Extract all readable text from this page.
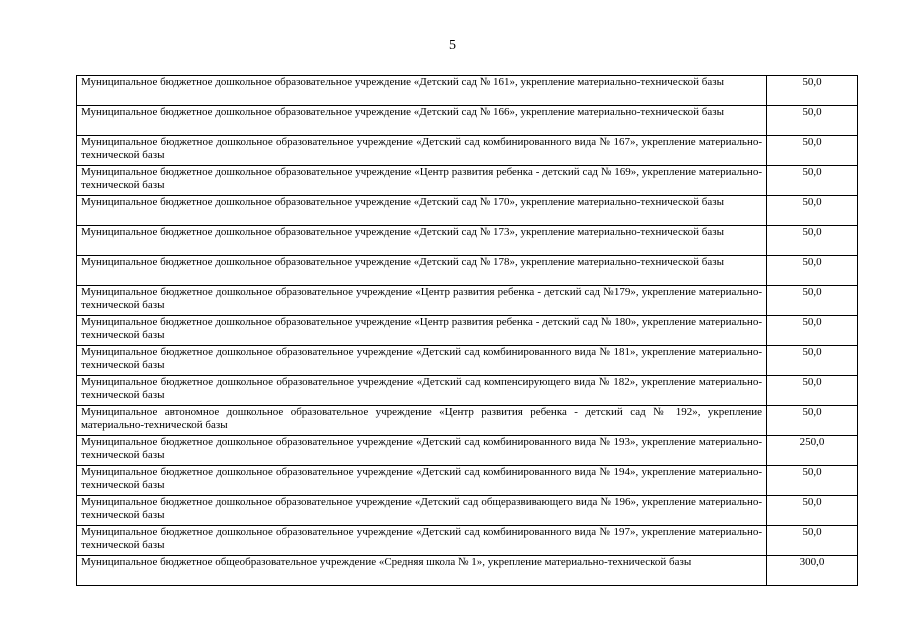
5
Муниципальное бюджетное дошкольное образовательное учреждение «Детский сад № 161», укрепление материально-технической базы	50,0
Муниципальное бюджетное дошкольное образовательное учреждение «Детский сад № 166», укрепление материально-технической базы	50,0
Муниципальное бюджетное дошкольное образовательное учреждение «Детский сад комбинированного вида № 167», укрепление материально-технической базы	50,0
Муниципальное бюджетное дошкольное образовательное учреждение «Центр развития ребенка - детский сад № 169», укрепление материально-технической базы	50,0
Муниципальное бюджетное дошкольное образовательное учреждение «Детский сад № 170», укрепление материально-технической базы	50,0
Муниципальное бюджетное дошкольное образовательное учреждение «Детский сад № 173», укрепление материально-технической базы	50,0
Муниципальное бюджетное дошкольное образовательное учреждение «Детский сад № 178», укрепление материально-технической базы	50,0
Муниципальное бюджетное дошкольное образовательное учреждение «Центр развития ребенка - детский сад №179», укрепление материально-технической базы	50,0
Муниципальное бюджетное дошкольное образовательное учреждение «Центр развития ребенка - детский сад № 180», укрепление материально-технической базы	50,0
Муниципальное бюджетное дошкольное образовательное учреждение «Детский сад комбинированного вида № 181», укрепление материально-технической базы	50,0
Муниципальное бюджетное дошкольное образовательное учреждение «Детский сад компенсирующего вида № 182», укрепление материально-технической базы	50,0
Муниципальное автономное дошкольное образовательное учреждение «Центр развития ребенка - детский сад № 192», укрепление материально-технической базы	50,0
Муниципальное бюджетное дошкольное образовательное учреждение «Детский сад комбинированного вида № 193», укрепление материально-технической базы	250,0
Муниципальное бюджетное дошкольное образовательное учреждение «Детский сад комбинированного вида № 194», укрепление материально-технической базы	50,0
Муниципальное бюджетное дошкольное образовательное учреждение «Детский сад общеразвивающего вида № 196», укрепление материально-технической базы	50,0
Муниципальное бюджетное дошкольное образовательное учреждение «Детский сад комбинированного вида № 197», укрепление материально-технической базы	50,0
Муниципальное бюджетное общеобразовательное учреждение «Средняя школа № 1», укрепление материально-технической базы	300,0
